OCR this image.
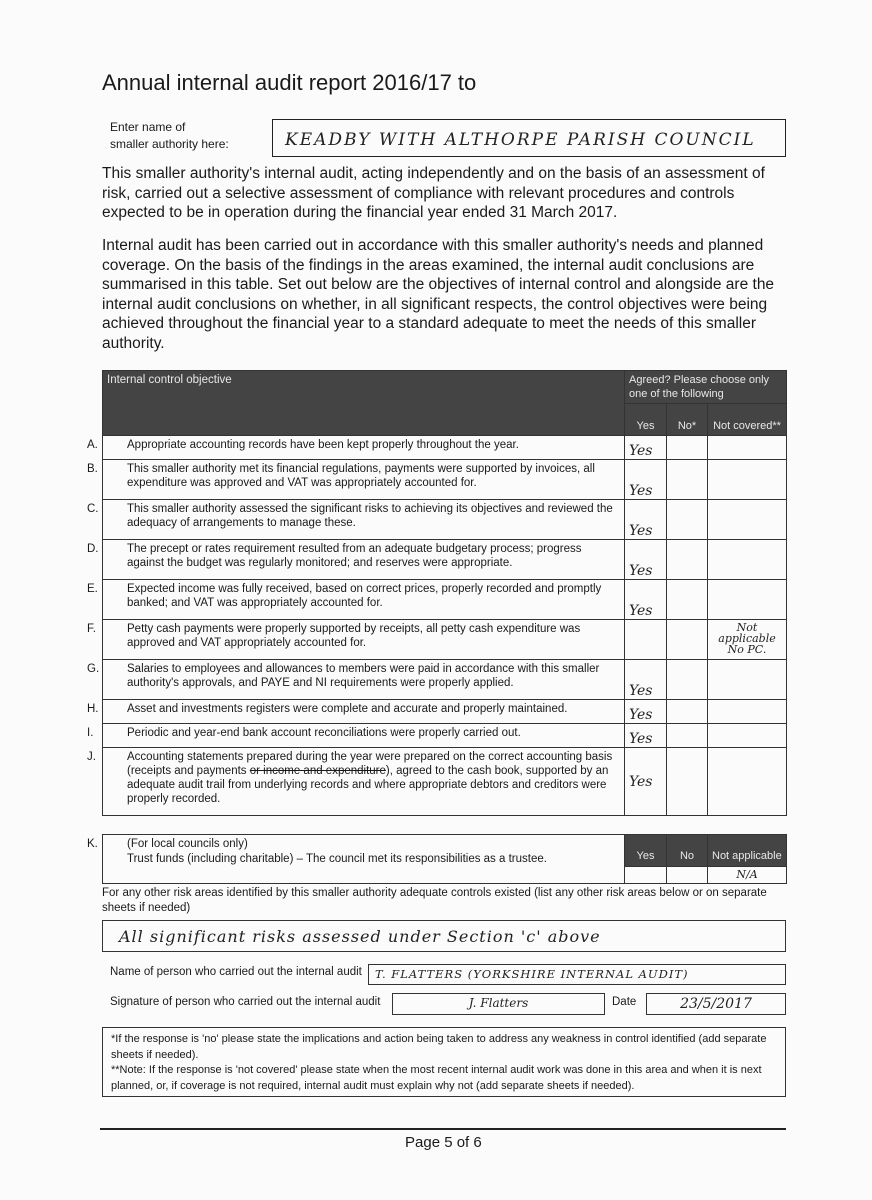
Annual internal audit report 2016/17 to
Enter name of
smaller authority here:	KEADBY WITH ALTHORPE PARISH COUNCIL

This smaller authority's internal audit, acting independently and on the basis of an assessment of risk, carried out a selective assessment of compliance with relevant procedures and controls expected to be in operation during the financial year ended 31 March 2017.

Internal audit has been carried out in accordance with this smaller authority's needs and planned coverage. On the basis of the findings in the areas examined, the internal audit conclusions are summarised in this table. Set out below are the objectives of internal control and alongside are the internal audit conclusions on whether, in all significant respects, the control objectives were being achieved throughout the financial year to a standard adequate to meet the needs of this smaller authority.

Internal control objective	Agreed? Please choose only one of the following		
	Yes	No*	Not covered**
A. Appropriate accounting records have been kept properly throughout the year.	Yes		
B. This smaller authority met its financial regulations, payments were supported by invoices, all expenditure was approved and VAT was appropriately accounted for.	Yes		
C. This smaller authority assessed the significant risks to achieving its objectives and reviewed the adequacy of arrangements to manage these.	Yes		
D. The precept or rates requirement resulted from an adequate budgetary process; progress against the budget was regularly monitored; and reserves were appropriate.	Yes		
E. Expected income was fully received, based on correct prices, properly recorded and promptly banked; and VAT was appropriately accounted for.	Yes		
F. Petty cash payments were properly supported by receipts, all petty cash expenditure was approved and VAT appropriately accounted for.			Not applicable No PC.
G. Salaries to employees and allowances to members were paid in accordance with this smaller authority's approvals, and PAYE and NI requirements were properly applied.	Yes		
H. Asset and investments registers were complete and accurate and properly maintained.	Yes		
I. Periodic and year-end bank account reconciliations were properly carried out.	Yes		
J. Accounting statements prepared during the year were prepared on the correct accounting basis (receipts and payments or income and expenditure), agreed to the cash book, supported by an adequate audit trail from underlying records and where appropriate debtors and creditors were properly recorded.	Yes		
K. (For local councils only)
Trust funds (including charitable) – The council met its responsibilities as a trustee.	Yes	No	Not applicable
			N/A
For any other risk areas identified by this smaller authority adequate controls existed (list any other risk areas below or on separate sheets if needed)
All significant risks assessed under Section 'c' above
Name of person who carried out the internal audit	T. FLATTERS (YORKSHIRE INTERNAL AUDIT)
Signature of person who carried out the internal audit	J. Flatters	Date	23/5/2017
*If the response is 'no' please state the implications and action being taken to address any weakness in control identified (add separate sheets if needed).
**Note: If the response is 'not covered' please state when the most recent internal audit work was done in this area and when it is next planned, or, if coverage is not required, internal audit must explain why not (add separate sheets if needed).
Page 5 of 6
